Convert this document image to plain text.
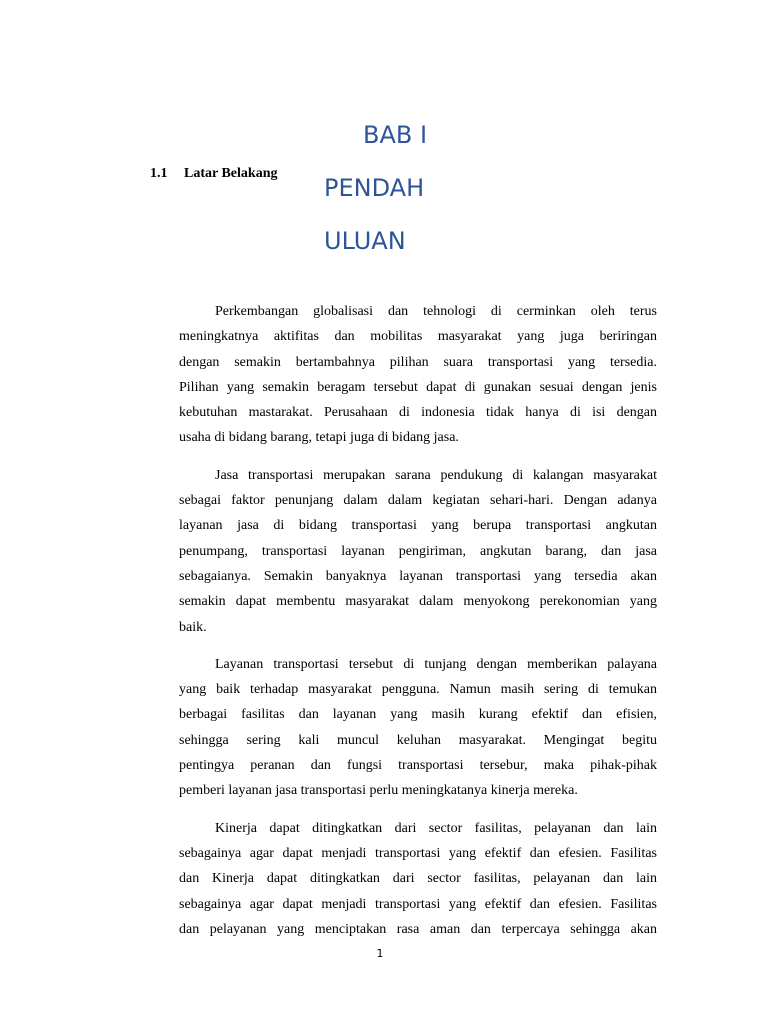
BAB I
PENDAH
ULUAN
1.1 Latar Belakang
Perkembangan globalisasi dan tehnologi di cerminkan oleh terus
meningkatnya aktifitas dan mobilitas masyarakat yang juga beriringan
dengan semakin bertambahnya pilihan suara transportasi yang tersedia.
Pilihan yang semakin beragam tersebut dapat di gunakan sesuai dengan jenis
kebutuhan mastarakat. Perusahaan di indonesia tidak hanya di isi dengan
usaha di bidang barang, tetapi juga di bidang jasa.
Jasa transportasi merupakan sarana pendukung di kalangan masyarakat
sebagai faktor penunjang dalam dalam kegiatan sehari-hari. Dengan adanya
layanan jasa di bidang transportasi yang berupa transportasi angkutan
penumpang, transportasi layanan pengiriman, angkutan barang, dan jasa
sebagaianya. Semakin banyaknya layanan transportasi yang tersedia akan
semakin dapat membentu masyarakat dalam menyokong perekonomian yang
baik.
Layanan transportasi tersebut di tunjang dengan memberikan palayana
yang baik terhadap masyarakat pengguna. Namun masih sering di temukan
berbagai fasilitas dan layanan yang masih kurang efektif dan efisien,
sehingga sering kali muncul keluhan masyarakat. Mengingat begitu
pentingya peranan dan fungsi transportasi tersebur, maka pihak-pihak
pemberi layanan jasa transportasi perlu meningkatanya kinerja mereka.
Kinerja dapat ditingkatkan dari sector fasilitas, pelayanan dan lain
sebagainya agar dapat menjadi transportasi yang efektif dan efesien. Fasilitas
dan Kinerja dapat ditingkatkan dari sector fasilitas, pelayanan dan lain
sebagainya agar dapat menjadi transportasi yang efektif dan efesien. Fasilitas
dan pelayanan yang menciptakan rasa aman dan terpercaya sehingga akan
1
